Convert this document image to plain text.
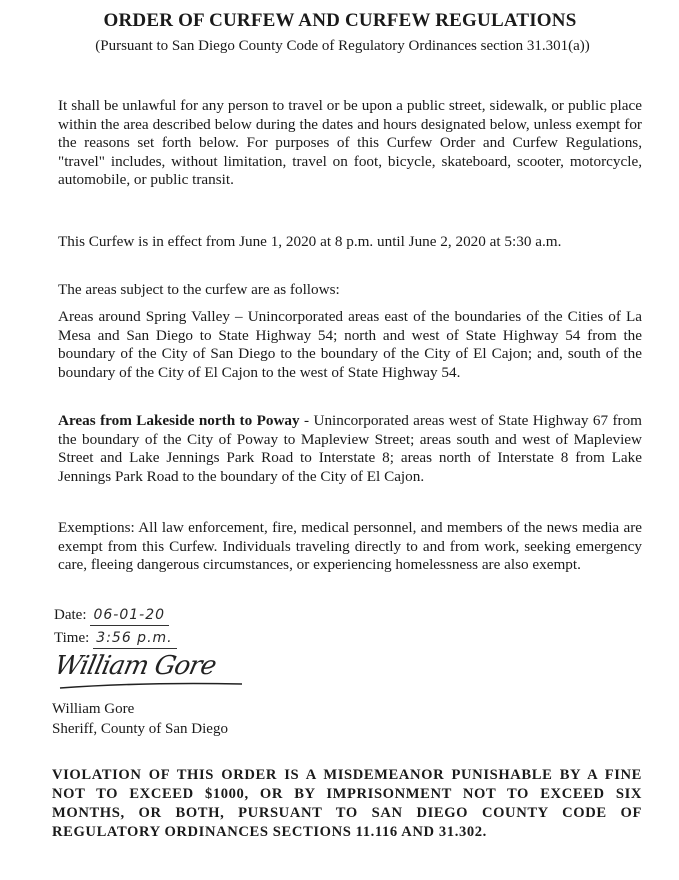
ORDER OF CURFEW AND CURFEW REGULATIONS

(Pursuant to San Diego County Code of Regulatory Ordinances section 31.301(a))

It shall be unlawful for any person to travel or be upon a public street, sidewalk, or public place within the area described below during the dates and hours designated below, unless exempt for the reasons set forth below. For purposes of this Curfew Order and Curfew Regulations, "travel" includes, without limitation, travel on foot, bicycle, skateboard, scooter, motorcycle, automobile, or public transit.

This Curfew is in effect from June 1, 2020 at 8 p.m. until June 2, 2020 at 5:30 a.m.

The areas subject to the curfew are as follows:

Areas around Spring Valley – Unincorporated areas east of the boundaries of the Cities of La Mesa and San Diego to State Highway 54; north and west of State Highway 54 from the boundary of the City of San Diego to the boundary of the City of El Cajon; and, south of the boundary of the City of El Cajon to the west of State Highway 54.

Areas from Lakeside north to Poway - Unincorporated areas west of State Highway 67 from the boundary of the City of Poway to Mapleview Street; areas south and west of Mapleview Street and Lake Jennings Park Road to Interstate 8; areas north of Interstate 8 from Lake Jennings Park Road to the boundary of the City of El Cajon.

Exemptions: All law enforcement, fire, medical personnel, and members of the news media are exempt from this Curfew. Individuals traveling directly to and from work, seeking emergency care, fleeing dangerous circumstances, or experiencing homelessness are also exempt.

Date: 06-01-20

Time: 3:56 p.m.

William Gore

William Gore

Sheriff, County of San Diego

VIOLATION OF THIS ORDER IS A MISDEMEANOR PUNISHABLE BY A FINE NOT TO EXCEED $1000, OR BY IMPRISONMENT NOT TO EXCEED SIX MONTHS, OR BOTH, PURSUANT TO SAN DIEGO COUNTY CODE OF REGULATORY ORDINANCES SECTIONS 11.116 AND 31.302.
